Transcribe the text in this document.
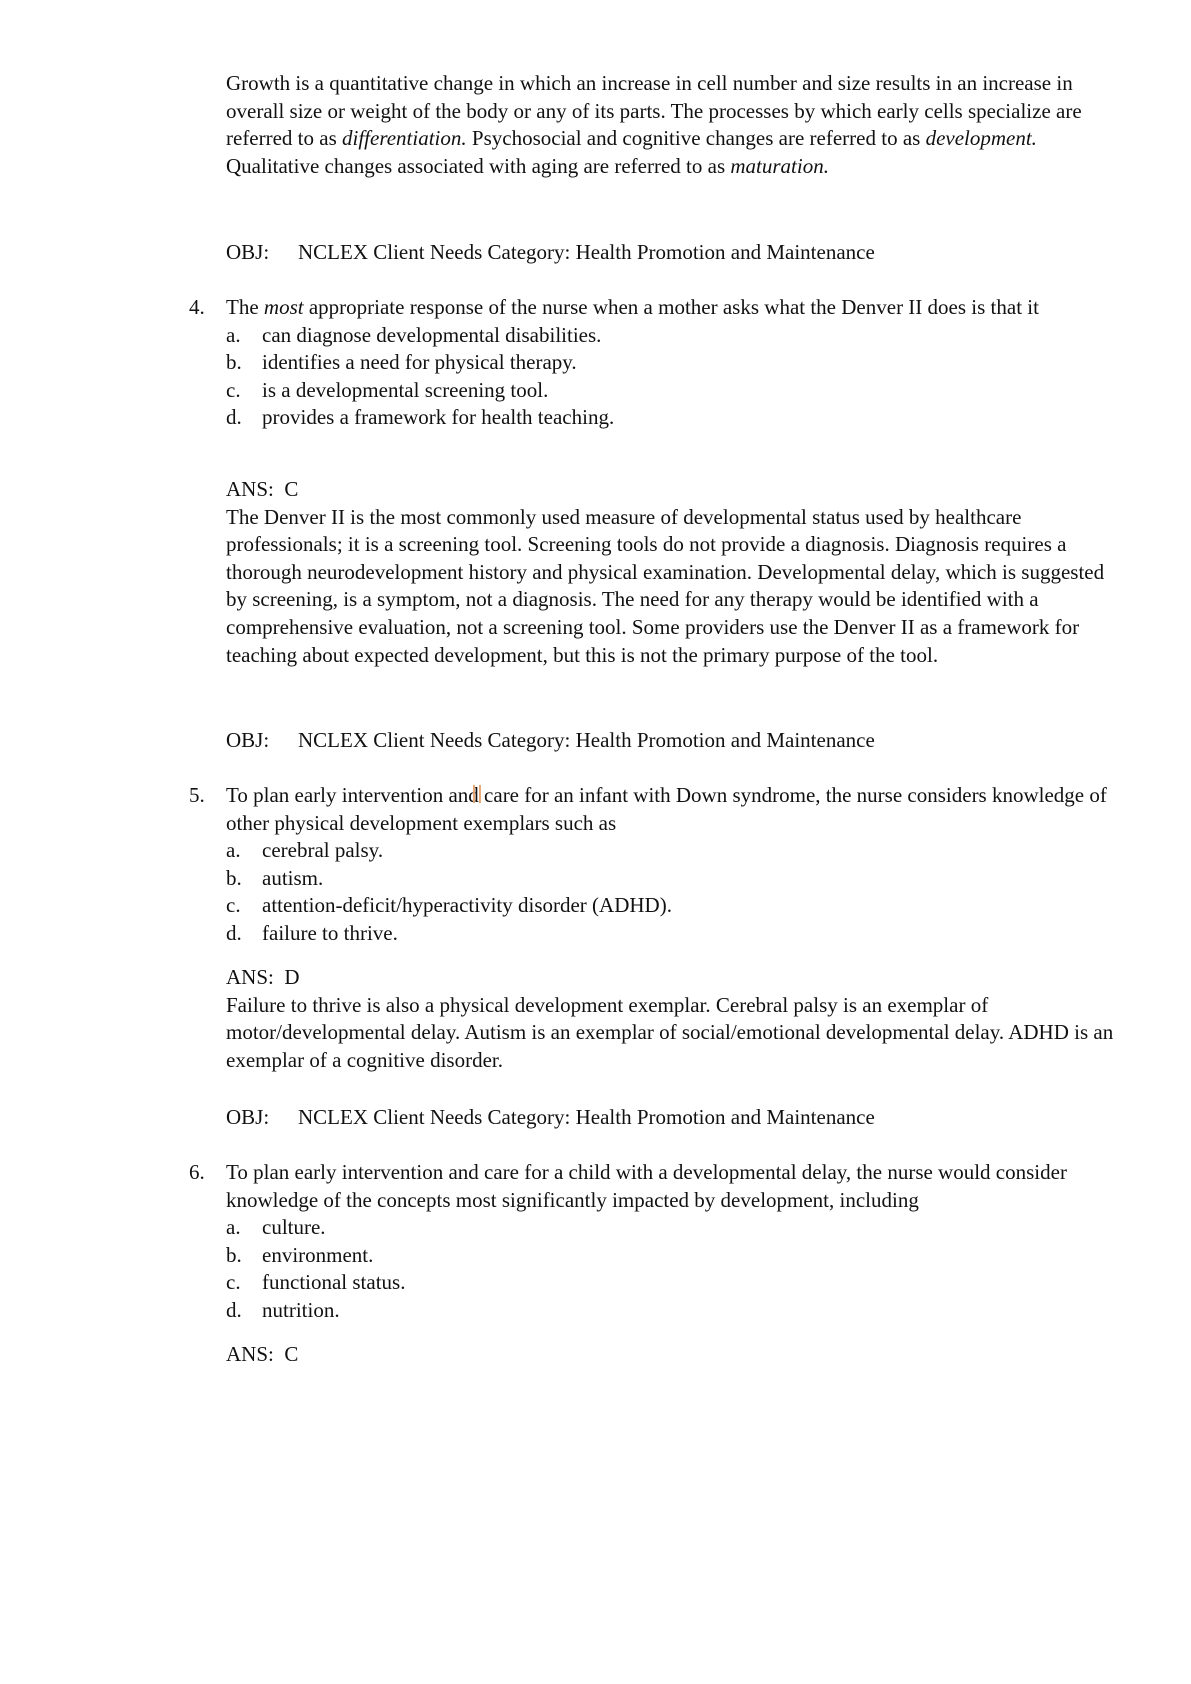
Growth is a quantitative change in which an increase in cell number and size results in an increase in overall size or weight of the body or any of its parts. The processes by which early cells specialize are referred to as differentiation. Psychosocial and cognitive changes are referred to as development. Qualitative changes associated with aging are referred to as maturation.

OBJ: NCLEX Client Needs Category: Health Promotion and Maintenance
4. The most appropriate response of the nurse when a mother asks what the Denver II does is that it

a. can diagnose developmental disabilities.
b. identifies a need for physical therapy.
c. is a developmental screening tool.
d. provides a framework for health teaching.
ANS:  C

The Denver II is the most commonly used measure of developmental status used by healthcare professionals; it is a screening tool. Screening tools do not provide a diagnosis. Diagnosis requires a thorough neurodevelopment history and physical examination. Developmental delay, which is suggested by screening, is a symptom, not a diagnosis. The need for any therapy would be identified with a comprehensive evaluation, not a screening tool. Some providers use the Denver II as a framework for teaching about expected development, but this is not the primary purpose of the tool.

OBJ: NCLEX Client Needs Category: Health Promotion and Maintenance
5. To plan early intervention and
care for an infant with Down syndrome, the nurse considers knowledge of other physical development exemplars such as

a. cerebral palsy.
b. autism.
c. attention-deficit/hyperactivity disorder (ADHD).
d. failure to thrive.
ANS:  D

Failure to thrive is also a physical development exemplar. Cerebral palsy is an exemplar of motor/developmental delay. Autism is an exemplar of social/emotional developmental delay. ADHD is an exemplar of a cognitive disorder.

OBJ: NCLEX Client Needs Category: Health Promotion and Maintenance
6. To plan early intervention and care for a child with a developmental delay, the nurse would consider knowledge of the concepts most significantly impacted by development, including

a. culture.
b. environment.
c. functional status.
d. nutrition.
ANS:  C
